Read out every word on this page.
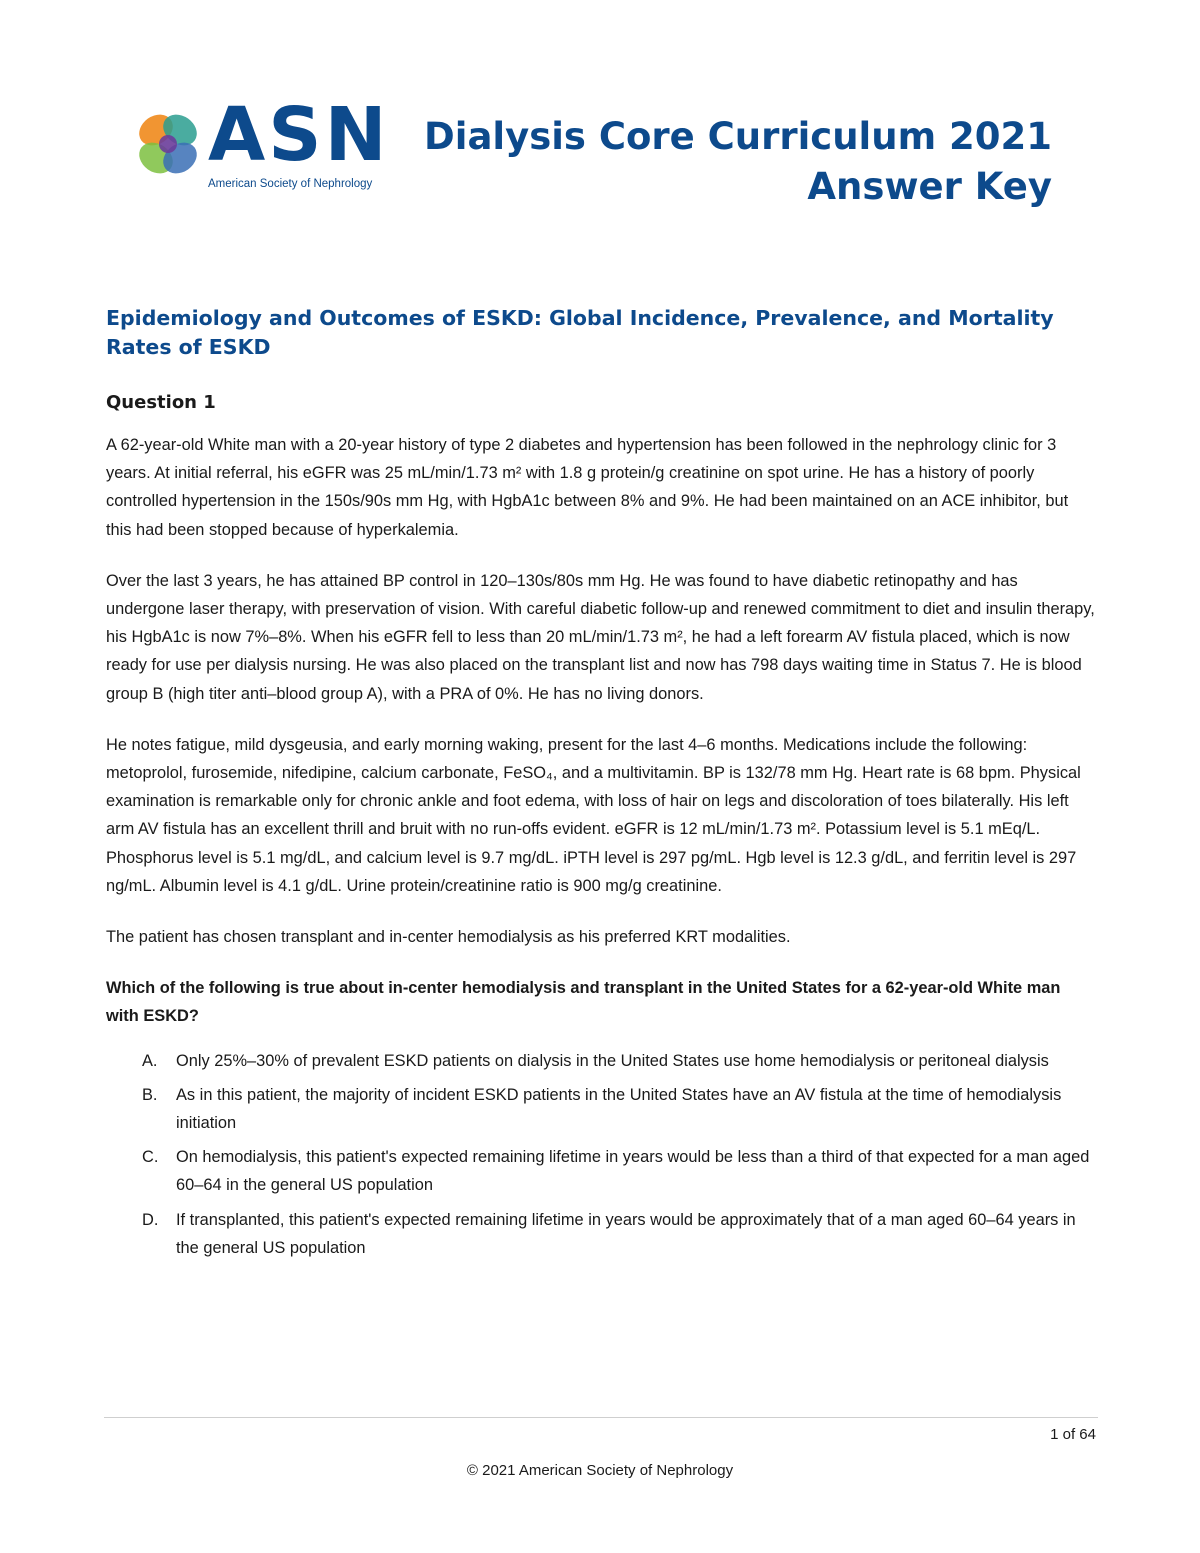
ASN
American Society of Nephrology
Dialysis Core Curriculum 2021
Answer Key
Epidemiology and Outcomes of ESKD: Global Incidence, Prevalence, and Mortality Rates of ESKD
Question 1

A 62-year-old White man with a 20-year history of type 2 diabetes and hypertension has been followed in the nephrology clinic for 3 years. At initial referral, his eGFR was 25 mL/min/1.73 m² with 1.8 g protein/g creatinine on spot urine. He has a history of poorly controlled hypertension in the 150s/90s mm Hg, with HgbA1c between 8% and 9%. He had been maintained on an ACE inhibitor, but this had been stopped because of hyperkalemia.

Over the last 3 years, he has attained BP control in 120–130s/80s mm Hg. He was found to have diabetic retinopathy and has undergone laser therapy, with preservation of vision. With careful diabetic follow-up and renewed commitment to diet and insulin therapy, his HgbA1c is now 7%–8%. When his eGFR fell to less than 20 mL/min/1.73 m², he had a left forearm AV fistula placed, which is now ready for use per dialysis nursing. He was also placed on the transplant list and now has 798 days waiting time in Status 7. He is blood group B (high titer anti–blood group A), with a PRA of 0%. He has no living donors.

He notes fatigue, mild dysgeusia, and early morning waking, present for the last 4–6 months. Medications include the following: metoprolol, furosemide, nifedipine, calcium carbonate, FeSO₄, and a multivitamin. BP is 132/78 mm Hg. Heart rate is 68 bpm. Physical examination is remarkable only for chronic ankle and foot edema, with loss of hair on legs and discoloration of toes bilaterally. His left arm AV fistula has an excellent thrill and bruit with no run-offs evident. eGFR is 12 mL/min/1.73 m². Potassium level is 5.1 mEq/L. Phosphorus level is 5.1 mg/dL, and calcium level is 9.7 mg/dL. iPTH level is 297 pg/mL. Hgb level is 12.3 g/dL, and ferritin level is 297 ng/mL. Albumin level is 4.1 g/dL. Urine protein/creatinine ratio is 900 mg/g creatinine.

The patient has chosen transplant and in-center hemodialysis as his preferred KRT modalities.

Which of the following is true about in-center hemodialysis and transplant in the United States for a 62-year-old White man with ESKD?

A. Only 25%–30% of prevalent ESKD patients on dialysis in the United States use home hemodialysis or peritoneal dialysis
B. As in this patient, the majority of incident ESKD patients in the United States have an AV fistula at the time of hemodialysis initiation
C. On hemodialysis, this patient's expected remaining lifetime in years would be less than a third of that expected for a man aged 60–64 in the general US population
D. If transplanted, this patient's expected remaining lifetime in years would be approximately that of a man aged 60–64 years in the general US population
1 of 64
© 2021 American Society of Nephrology
